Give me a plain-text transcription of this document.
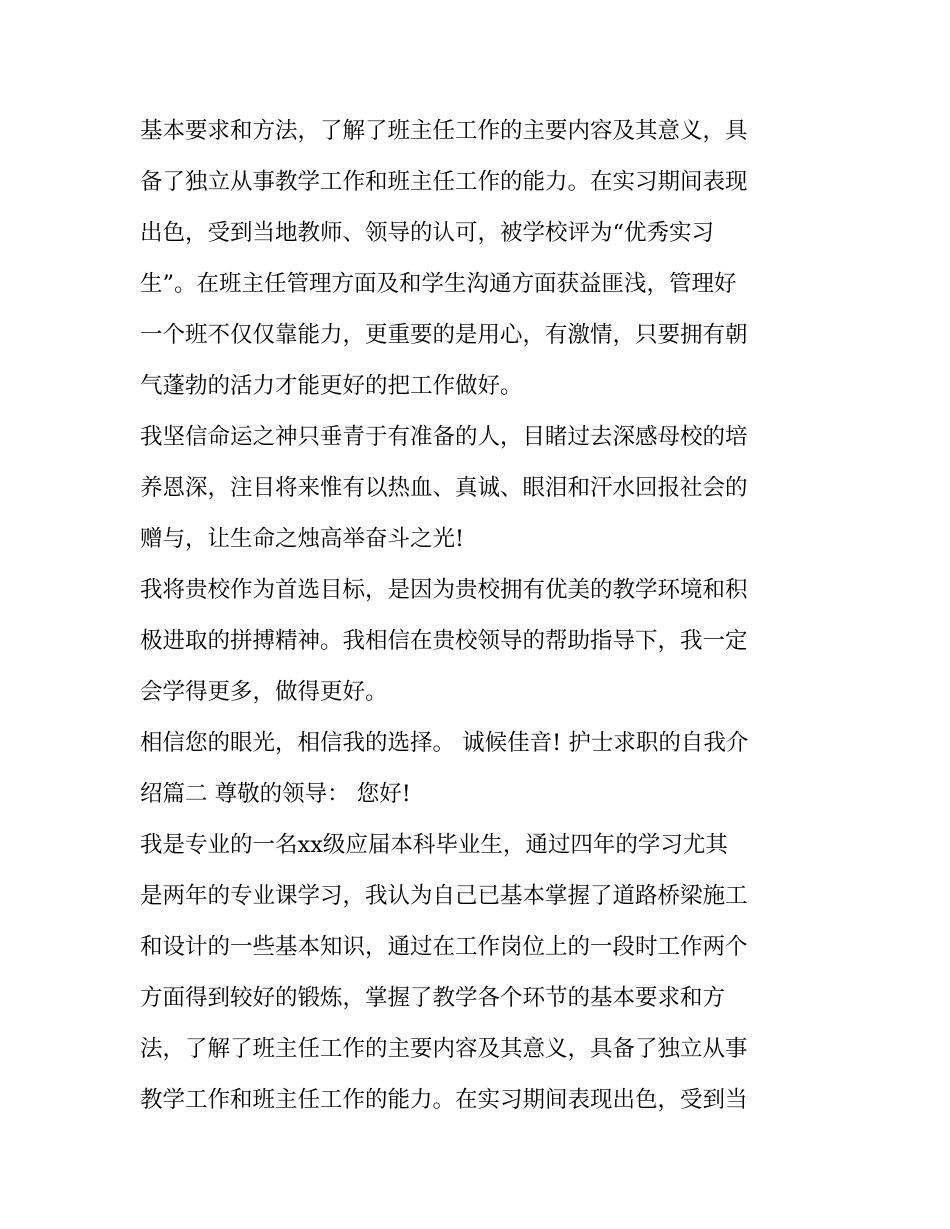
基本要求和方法，了解了班主任工作的主要内容及其意义，具
备了独立从事教学工作和班主任工作的能力。在实习期间表现
出色，受到当地教师、领导的认可，被学校评为“优秀实习
生”。在班主任管理方面及和学生沟通方面获益匪浅，管理好
一个班不仅仅靠能力，更重要的是用心，有激情，只要拥有朝
气蓬勃的活力才能更好的把工作做好。
我坚信命运之神只垂青于有准备的人，目睹过去深感母校的培
养恩深，注目将来惟有以热血、真诚、眼泪和汗水回报社会的
赠与，让生命之烛高举奋斗之光!
我将贵校作为首选目标，是因为贵校拥有优美的教学环境和积
极进取的拼搏精神。我相信在贵校领导的帮助指导下，我一定
会学得更多，做得更好。
相信您的眼光，相信我的选择。 诚候佳音! 护士求职的自我介
绍篇二 尊敬的领导： 您好!
我是专业的一名xx级应届本科毕业生，通过四年的学习尤其
是两年的专业课学习，我认为自己已基本掌握了道路桥梁施工
和设计的一些基本知识，通过在工作岗位上的一段时工作两个
方面得到较好的锻炼，掌握了教学各个环节的基本要求和方
法，了解了班主任工作的主要内容及其意义，具备了独立从事
教学工作和班主任工作的能力。在实习期间表现出色，受到当
